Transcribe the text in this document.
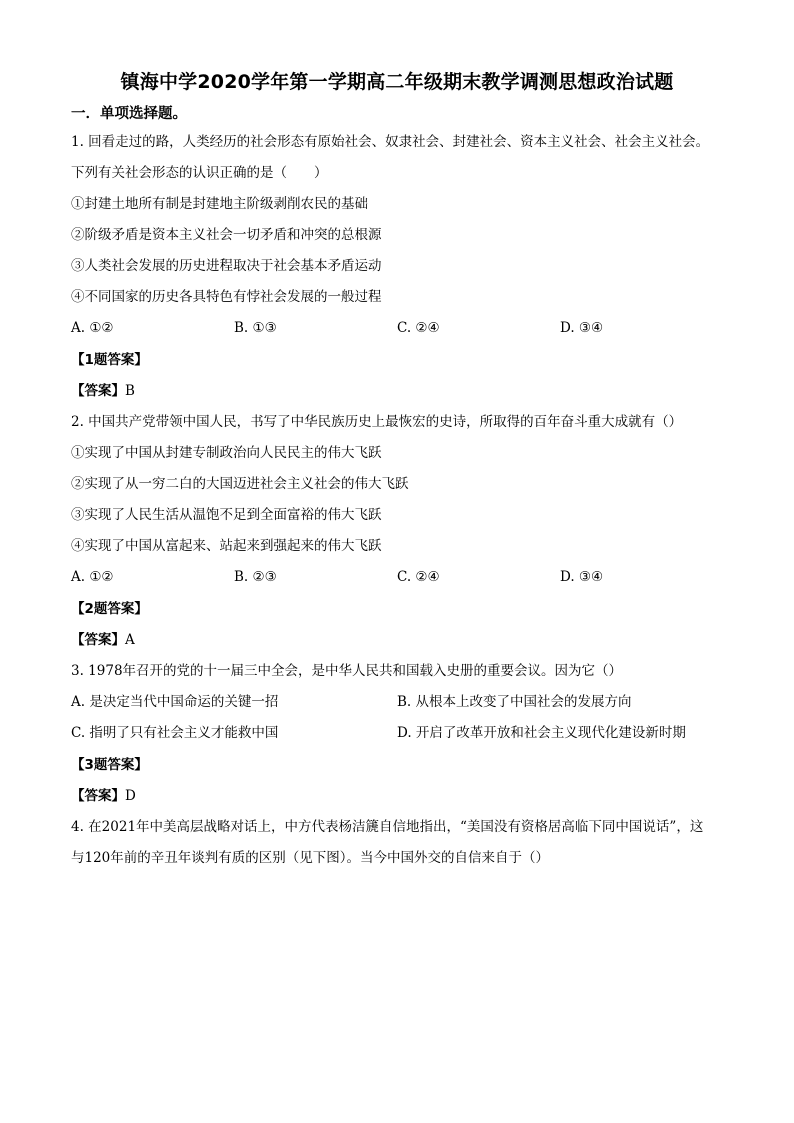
镇海中学2020学年第一学期高二年级期末教学调测思想政治试题
一．单项选择题。
1. 回看走过的路，人类经历的社会形态有原始社会、奴隶社会、封建社会、资本主义社会、社会主义社会。
下列有关社会形态的认识正确的是（　　）
①封建土地所有制是封建地主阶级剥削农民的基础
②阶级矛盾是资本主义社会一切矛盾和冲突的总根源
③人类社会发展的历史进程取决于社会基本矛盾运动
④不同国家的历史各具特色有悖社会发展的一般过程
A. ①②	B. ①③	C. ②④	D. ③④
【1题答案】
【答案】B
2. 中国共产党带领中国人民，书写了中华民族历史上最恢宏的史诗，所取得的百年奋斗重大成就有（）
①实现了中国从封建专制政治向人民民主的伟大飞跃
②实现了从一穷二白的大国迈进社会主义社会的伟大飞跃
③实现了人民生活从温饱不足到全面富裕的伟大飞跃
④实现了中国从富起来、站起来到强起来的伟大飞跃
A. ①②	B. ②③	C. ②④	D. ③④
【2题答案】
【答案】A
3. 1978年召开的党的十一届三中全会，是中华人民共和国载入史册的重要会议。因为它（）
A. 是决定当代中国命运的关键一招	B. 从根本上改变了中国社会的发展方向
C. 指明了只有社会主义才能救中国	D. 开启了改革开放和社会主义现代化建设新时期
【3题答案】
【答案】D
4. 在2021年中美高层战略对话上，中方代表杨洁篪自信地指出，“美国没有资格居高临下同中国说话”，这
与120年前的辛丑年谈判有质的区别（见下图）。当今中国外交的自信来自于（）
